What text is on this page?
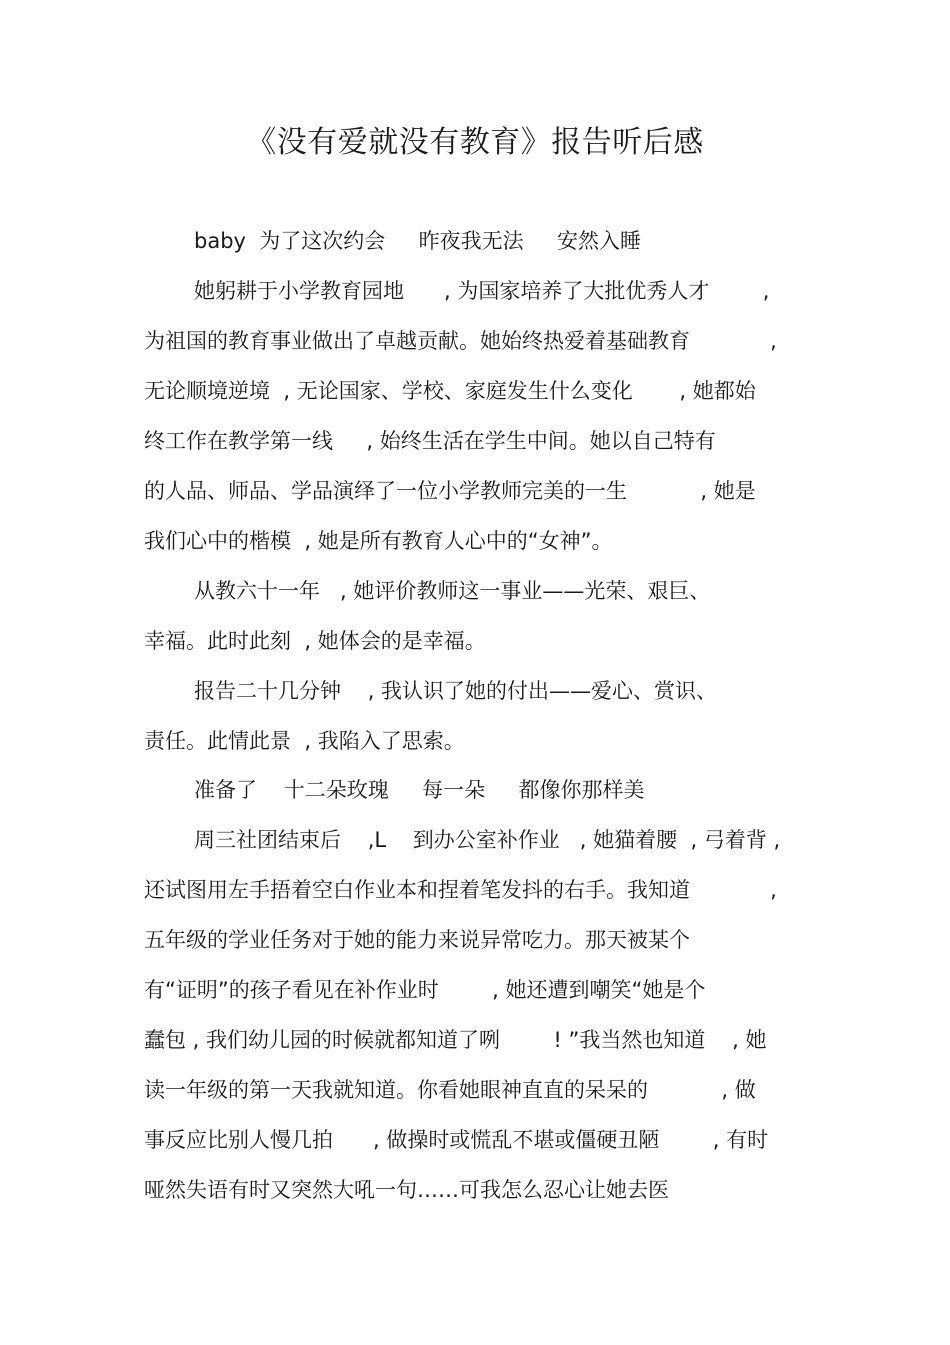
《没有爱就没有教育》报告听后感
baby  为了这次约会     昨夜我无法     安然入睡
她躬耕于小学教育园地      , 为国家培养了大批优秀人才        ,
为祖国的教育事业做出了卓越贡献。她始终热爱着基础教育            ,
无论顺境逆境  , 无论国家、学校、家庭发生什么变化       , 她都始
终工作在教学第一线     , 始终生活在学生中间。她以自己特有
的人品、师品、学品演绎了一位小学教师完美的一生           , 她是
我们心中的楷模  , 她是所有教育人心中的“女神”。
从教六十一年   , 她评价教师这一事业——光荣、艰巨、
幸福。此时此刻  , 她体会的是幸福。
报告二十几分钟    , 我认识了她的付出——爱心、赏识、
责任。此情此景  , 我陷入了思索。
准备了    十二朵玫瑰     每一朵     都像你那样美
周三社团结束后    ,L    到办公室补作业   , 她猫着腰  , 弓着背 ,
还试图用左手捂着空白作业本和捏着笔发抖的右手。我知道            ,
五年级的学业任务对于她的能力来说异常吃力。那天被某个
有“证明”的孩子看见在补作业时        , 她还遭到嘲笑“她是个
蠢包 , 我们幼儿园的时候就都知道了咧        ! ”我当然也知道    , 她
读一年级的第一天我就知道。你看她眼神直直的呆呆的           , 做
事反应比别人慢几拍      , 做操时或慌乱不堪或僵硬丑陋        , 有时
哑然失语有时又突然大吼一句……可我怎么忍心让她去医
